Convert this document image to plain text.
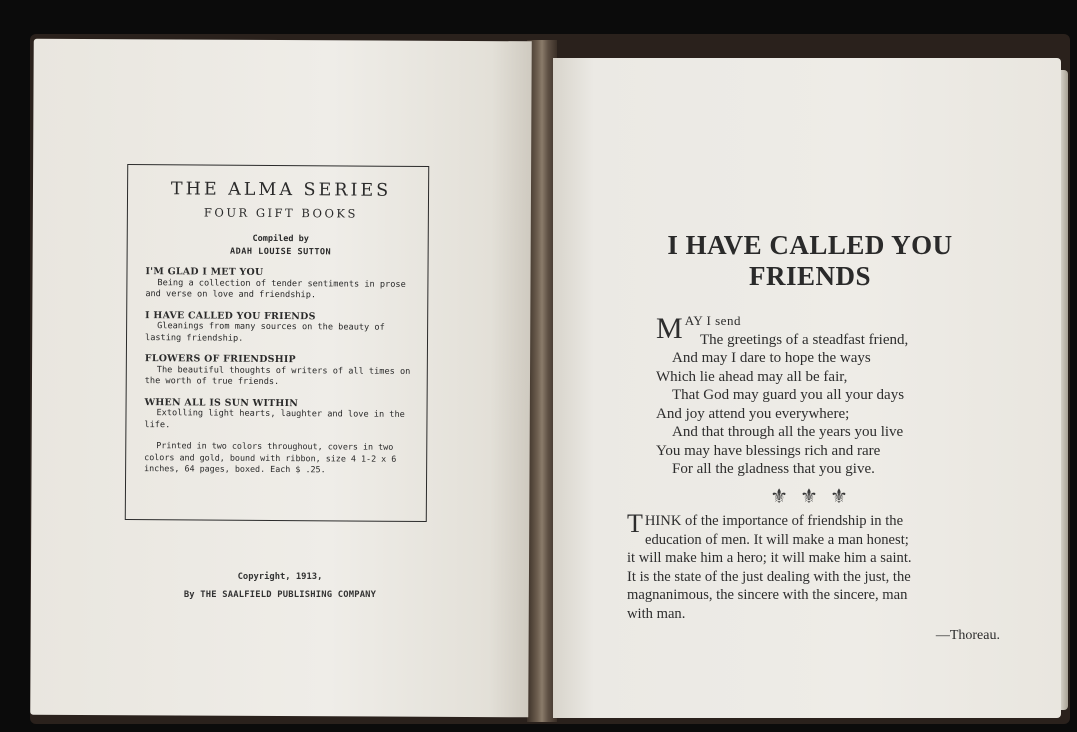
THE ALMA SERIES

FOUR GIFT BOOKS

Compiled by

ADAH LOUISE SUTTON

I'M GLAD I MET YOU
Being a collection of tender sentiments in prose and verse on love and friendship.
I HAVE CALLED YOU FRIENDS
Gleanings from many sources on the beauty of lasting friendship.
FLOWERS OF FRIENDSHIP
The beautiful thoughts of writers of all times on the worth of true friends.
WHEN ALL IS SUN WITHIN
Extolling light hearts, laughter and love in the life.

Printed in two colors throughout, covers in two colors and gold, bound with ribbon, size 4 1-2 x 6 inches, 64 pages, boxed. Each $ .25.

Copyright, 1913,

By THE SAALFIELD PUBLISHING COMPANY

I HAVE CALLED YOU
FRIENDS
MAY I send
The greetings of a steadfast friend,
And may I dare to hope the ways
Which lie ahead may all be fair,
That God may guard you all your days
And joy attend you everywhere;
And that through all the years you live
You may have blessings rich and rare
For all the gladness that you give.
⚜⚜⚜
THINK of the importance of friendship in the
education of men. It will make a man honest;
it will make him a hero; it will make him a saint.
It is the state of the just dealing with the just, the
magnanimous, the sincere with the sincere, man
with man.
—Thoreau.
